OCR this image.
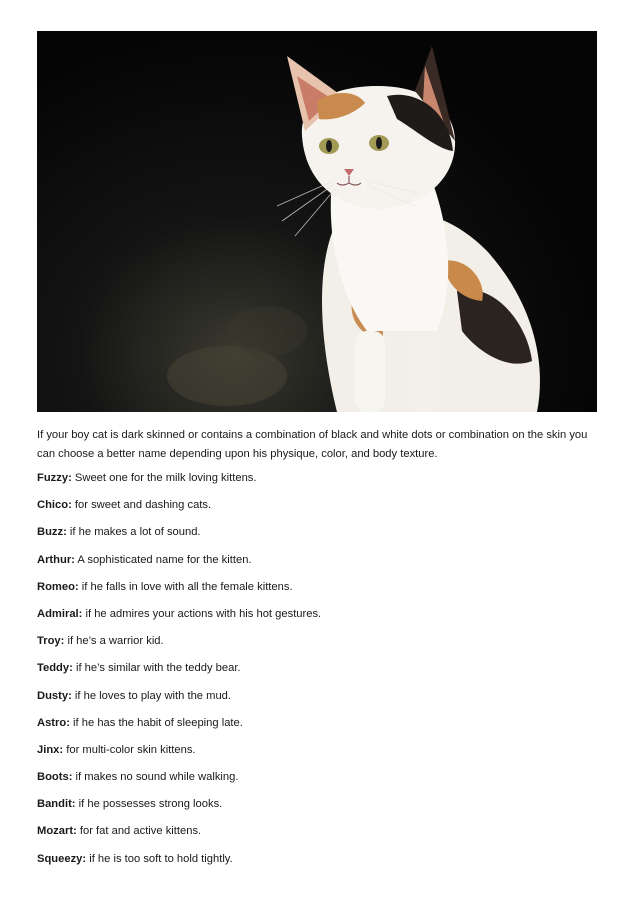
If your boy cat is dark skinned or contains a combination of black and white dots or combination on the skin you can choose a better name depending upon his physique, color, and body texture.

Fuzzy: Sweet one for the milk loving kittens.
Chico: for sweet and dashing cats.
Buzz: if he makes a lot of sound.
Arthur: A sophisticated name for the kitten.
Romeo: if he falls in love with all the female kittens.
Admiral: if he admires your actions with his hot gestures.
Troy: if he’s a warrior kid.
Teddy: if he’s similar with the teddy bear.
Dusty: if he loves to play with the mud.
Astro: if he has the habit of sleeping late.
Jinx: for multi-color skin kittens.
Boots: if makes no sound while walking.
Bandit: if he possesses strong looks.
Mozart: for fat and active kittens.
Squeezy: if he is too soft to hold tightly.
